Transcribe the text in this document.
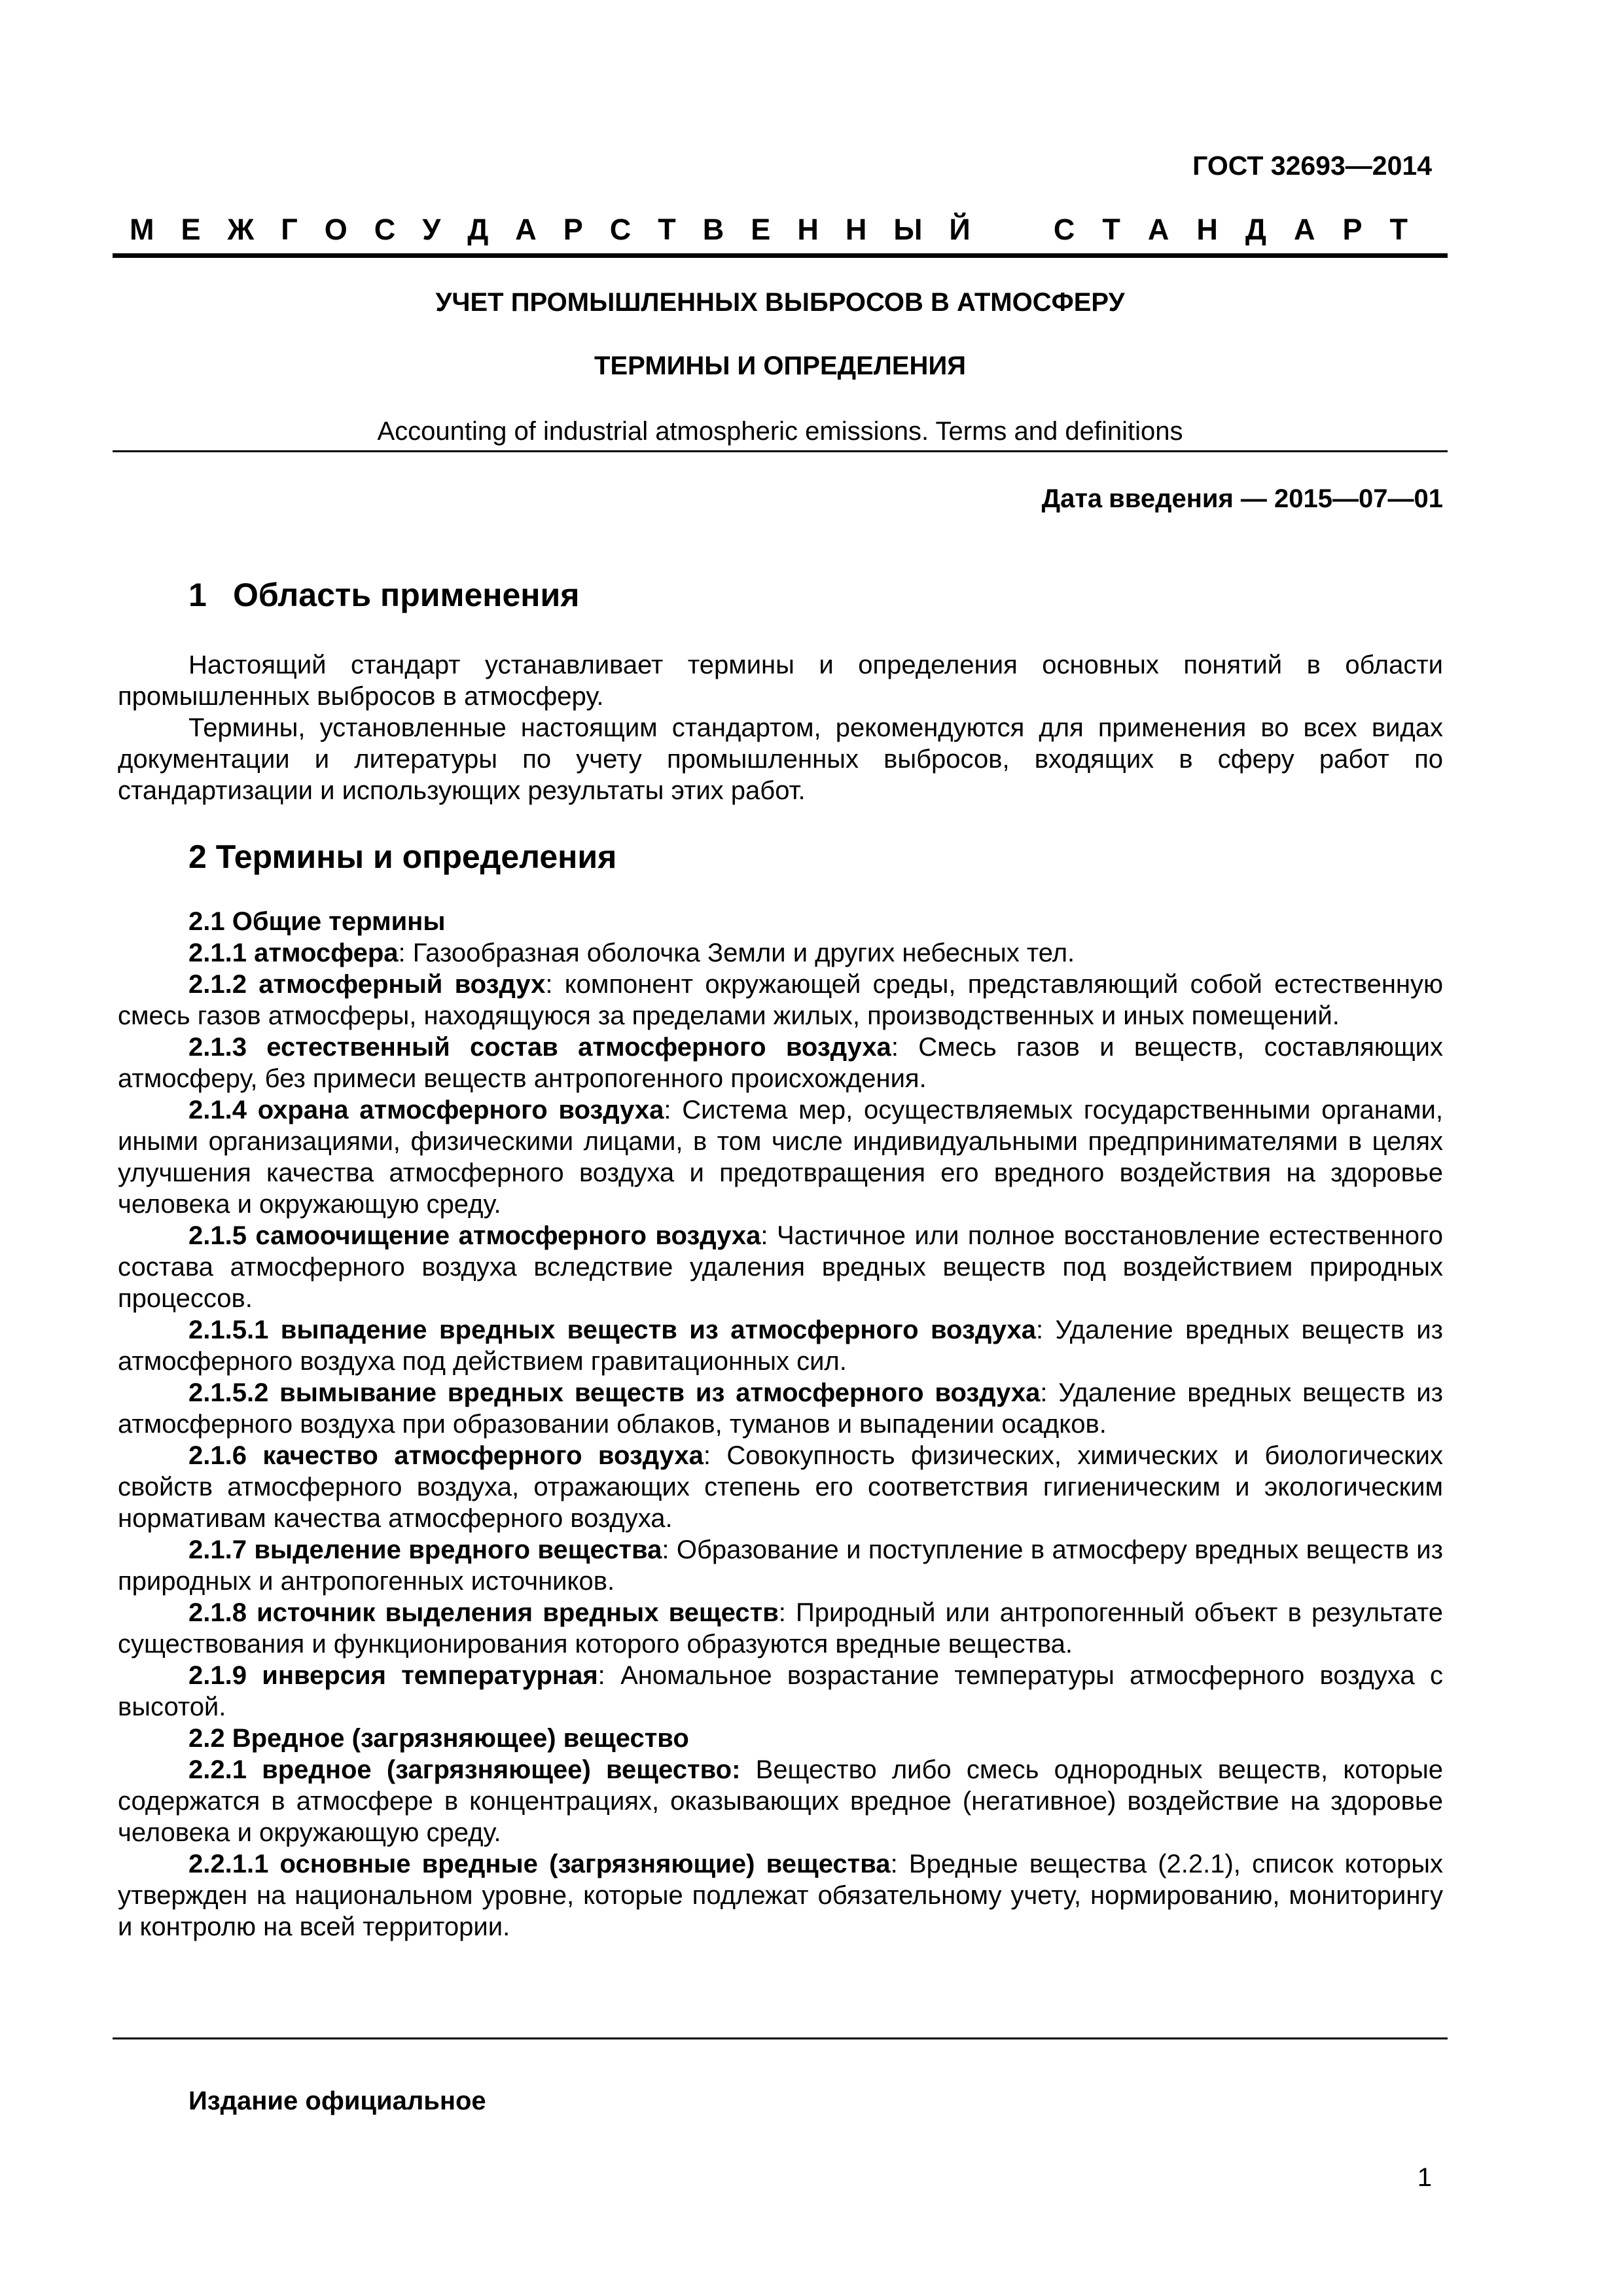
ГОСТ 32693—2014
М Е Ж Г О С У Д А Р С Т В Е Н Н Ы Й	С Т А Н Д А Р Т
УЧЕТ ПРОМЫШЛЕННЫХ ВЫБРОСОВ В АТМОСФЕРУ
ТЕРМИНЫ И ОПРЕДЕЛЕНИЯ
Accounting of industrial atmospheric emissions. Terms and definitions
Дата введения — 2015—07—01
1 Область применения

Настоящий стандарт устанавливает термины и определения основных понятий в области промышленных выбросов в атмосферу.

Термины, установленные настоящим стандартом, рекомендуются для применения во всех видах документации и литературы по учету промышленных выбросов, входящих в сферу работ по стандартизации и использующих результаты этих работ.

2 Термины и определения

2.1 Общие термины

2.1.1 атмосфера: Газообразная оболочка Земли и других небесных тел.

2.1.2 атмосферный воздух: компонент окружающей среды, представляющий собой естественную смесь газов атмосферы, находящуюся за пределами жилых, производственных и иных помещений.

2.1.3 естественный состав атмосферного воздуха: Смесь газов и веществ, составляющих атмосферу, без примеси веществ антропогенного происхождения.

2.1.4 охрана атмосферного воздуха: Система мер, осуществляемых государственными органами, иными организациями, физическими лицами, в том числе индивидуальными предпринимателями в целях улучшения качества атмосферного воздуха и предотвращения его вредного воздействия на здоровье человека и окружающую среду.

2.1.5 самоочищение атмосферного воздуха: Частичное или полное восстановление естественного состава атмосферного воздуха вследствие удаления вредных веществ под воздействием природных процессов.

2.1.5.1 выпадение вредных веществ из атмосферного воздуха: Удаление вредных веществ из атмосферного воздуха под действием гравитационных сил.

2.1.5.2 вымывание вредных веществ из атмосферного воздуха: Удаление вредных веществ из атмосферного воздуха при образовании облаков, туманов и выпадении осадков.

2.1.6 качество атмосферного воздуха: Совокупность физических, химических и биологических свойств атмосферного воздуха, отражающих степень его соответствия гигиеническим и экологическим нормативам качества атмосферного воздуха.

2.1.7 выделение вредного вещества: Образование и поступление в атмосферу вредных веществ из природных и антропогенных источников.

2.1.8 источник выделения вредных веществ: Природный или антропогенный объект в результате существования и функционирования которого образуются вредные вещества.

2.1.9 инверсия температурная: Аномальное возрастание температуры атмосферного воздуха с высотой.

2.2 Вредное (загрязняющее) вещество

2.2.1 вредное (загрязняющее) вещество: Вещество либо смесь однородных веществ, которые содержатся в атмосфере в концентрациях, оказывающих вредное (негативное) воздействие на здоровье человека и окружающую среду.

2.2.1.1 основные вредные (загрязняющие) вещества: Вредные вещества (2.2.1), список которых утвержден на национальном уровне, которые подлежат обязательному учету, нормированию, мониторингу и контролю на всей территории.

Издание официальное
1
